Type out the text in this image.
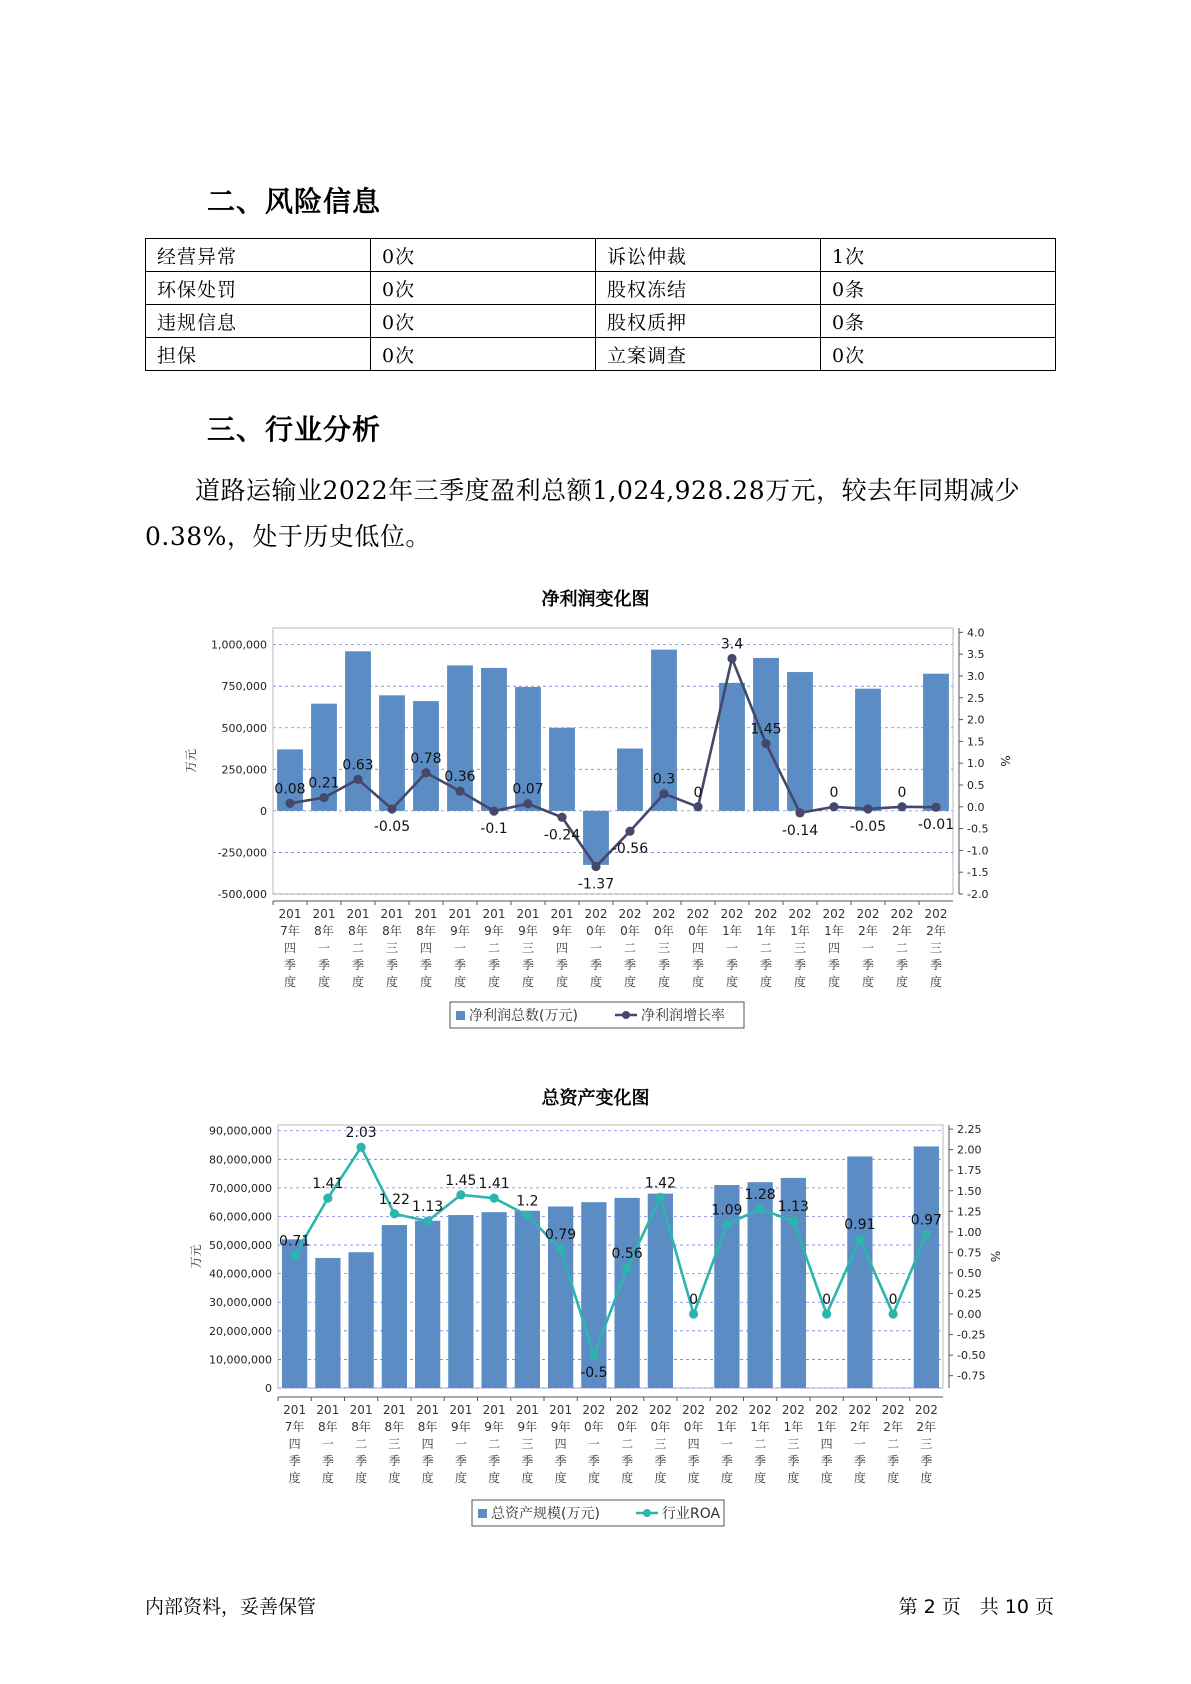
二、风险信息
经营异常	0次	诉讼仲裁	1次
环保处罚	0次	股权冻结	0条
违规信息	0次	股权质押	0条
担保	0次	立案调查	0次
三、行业分析

道路运输业2022年三季度盈利总额1,024,928.28万元，较去年同期减少0.38%，处于历史低位。

净利润变化图
-500,000
-250,000
0
250,000
500,000
750,000
1,000,000
-2.0
-1.5
-1.0
-0.5
0.0
0.5
1.0
1.5
2.0
2.5
3.0
3.5
4.0
万元	%
0.08 0.21
0.63
-0.05
0.78
0.36
-0.1
0.07
-0.24
-1.37
-0.56
0.3
0
3.4
1.45
-0.14
0
-0.05
0
-0.01
201
7年
四
季
度
201
8年
一
季
度
201
8年
二
季
度
201
8年
三
季
度
201
8年
四
季
度
201
9年
一
季
度
201
9年
二
季
度
201
9年
三
季
度
201
9年
四
季
度
202
0年
一
季
度
202
0年
二
季
度
202
0年
三
季
度
202
0年
四
季
度
202
1年
一
季
度
202
1年
二
季
度
202
1年
三
季
度
202
1年
四
季
度
202
2年
一
季
度
202
2年
二
季
度
202
2年
三
季
度
净利润总数(万元)	净利润增长率
总资产变化图
0
10,000,000
20,000,000
30,000,000
40,000,000
50,000,000
60,000,000
70,000,000
80,000,000
90,000,000
-0.75
-0.50
-0.25
0.00
0.25
0.50
0.75
1.00
1.25
1.50
1.75
2.00
2.25
万元	%
0.71
1.41
2.03
1.22 1.13
1.45 1.41
1.2
0.79
-0.5
0.56
1.42
0
1.09
1.28
1.13
0
0.91
0
0.97
201
7年
四
季
度
201
8年
一
季
度
201
8年
二
季
度
201
8年
三
季
度
201
8年
四
季
度
201
9年
一
季
度
201
9年
二
季
度
201
9年
三
季
度
201
9年
四
季
度
202
0年
一
季
度
202
0年
二
季
度
202
0年
三
季
度
202
0年
四
季
度
202
1年
一
季
度
202
1年
二
季
度
202
1年
三
季
度
202
1年
四
季
度
202
2年
一
季
度
202
2年
二
季
度
202
2年
三
季
度
总资产规模(万元)	行业ROA
内部资料，妥善保管	第 2 页　共 10 页
